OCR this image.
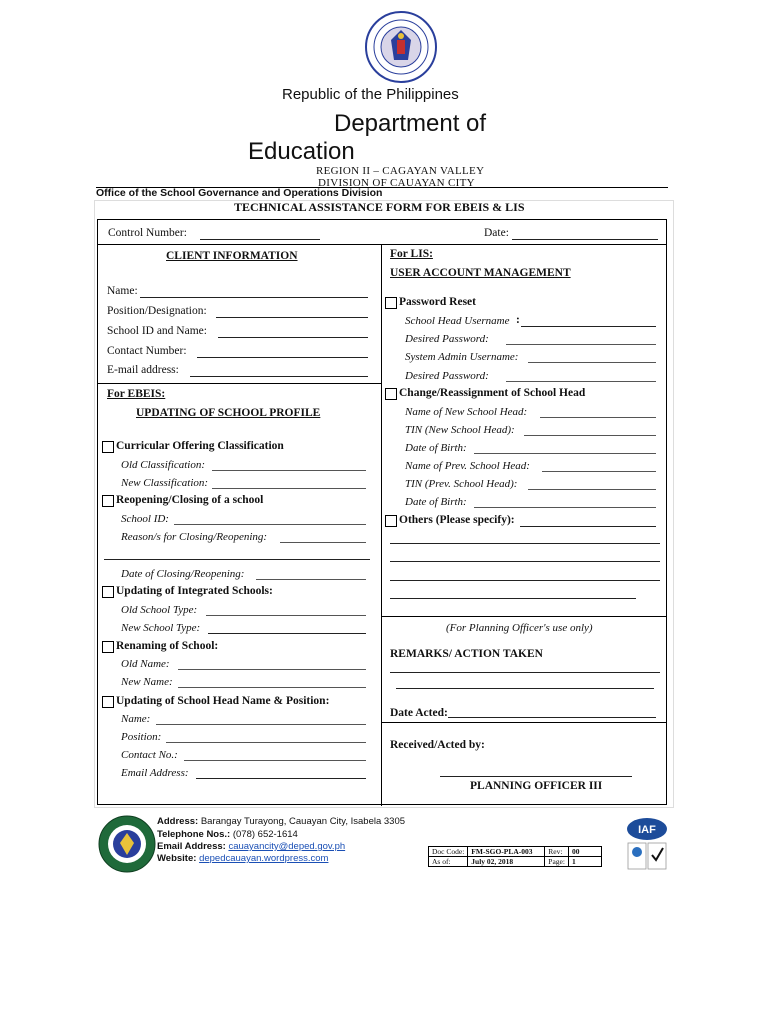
Republic of the Philippines
Department of
Education
REGION II – CAGAYAN VALLEY
DIVISION OF CAUAYAN CITY
Office of the School Governance and Operations Division
TECHNICAL ASSISTANCE FORM FOR EBEIS & LIS
Control Number:	Date:
CLIENT INFORMATION
Name:
Position/Designation:
School ID and Name:
Contact Number:
E-mail address:
For EBEIS:
UPDATING OF SCHOOL PROFILE
Curricular Offering Classification
Old Classification:
New Classification:
Reopening/Closing of a school
School ID:
Reason/s for Closing/Reopening:
Date of Closing/Reopening:
Updating of Integrated Schools:
Old School Type:
New School Type:
Renaming of School:
Old Name:
New Name:
Updating of School Head Name & Position:
Name:
Position:
Contact No.:
Email Address:
For LIS:
USER ACCOUNT MANAGEMENT
Password Reset
School Head Username :
Desired Password:
System Admin Username:
Desired Password:
Change/Reassignment of School Head
Name of New School Head:
TIN (New School Head):
Date of Birth:
Name of Prev. School Head:
TIN (Prev. School Head):
Date of Birth:
Others (Please specify):
(For Planning Officer's use only)
REMARKS/ ACTION TAKEN
Date Acted:
Received/Acted by:
PLANNING OFFICER III
Address: Barangay Turayong, Cauayan City, Isabela 3305
Telephone Nos.: (078) 652-1614
Email Address: cauayancity@deped.gov.ph
Website: depedcauayan.wordpress.com
Doc Code:	FM-SGO-PLA-003	Rev:	00
As of:	July 02, 2018	Page:	1
IAF
